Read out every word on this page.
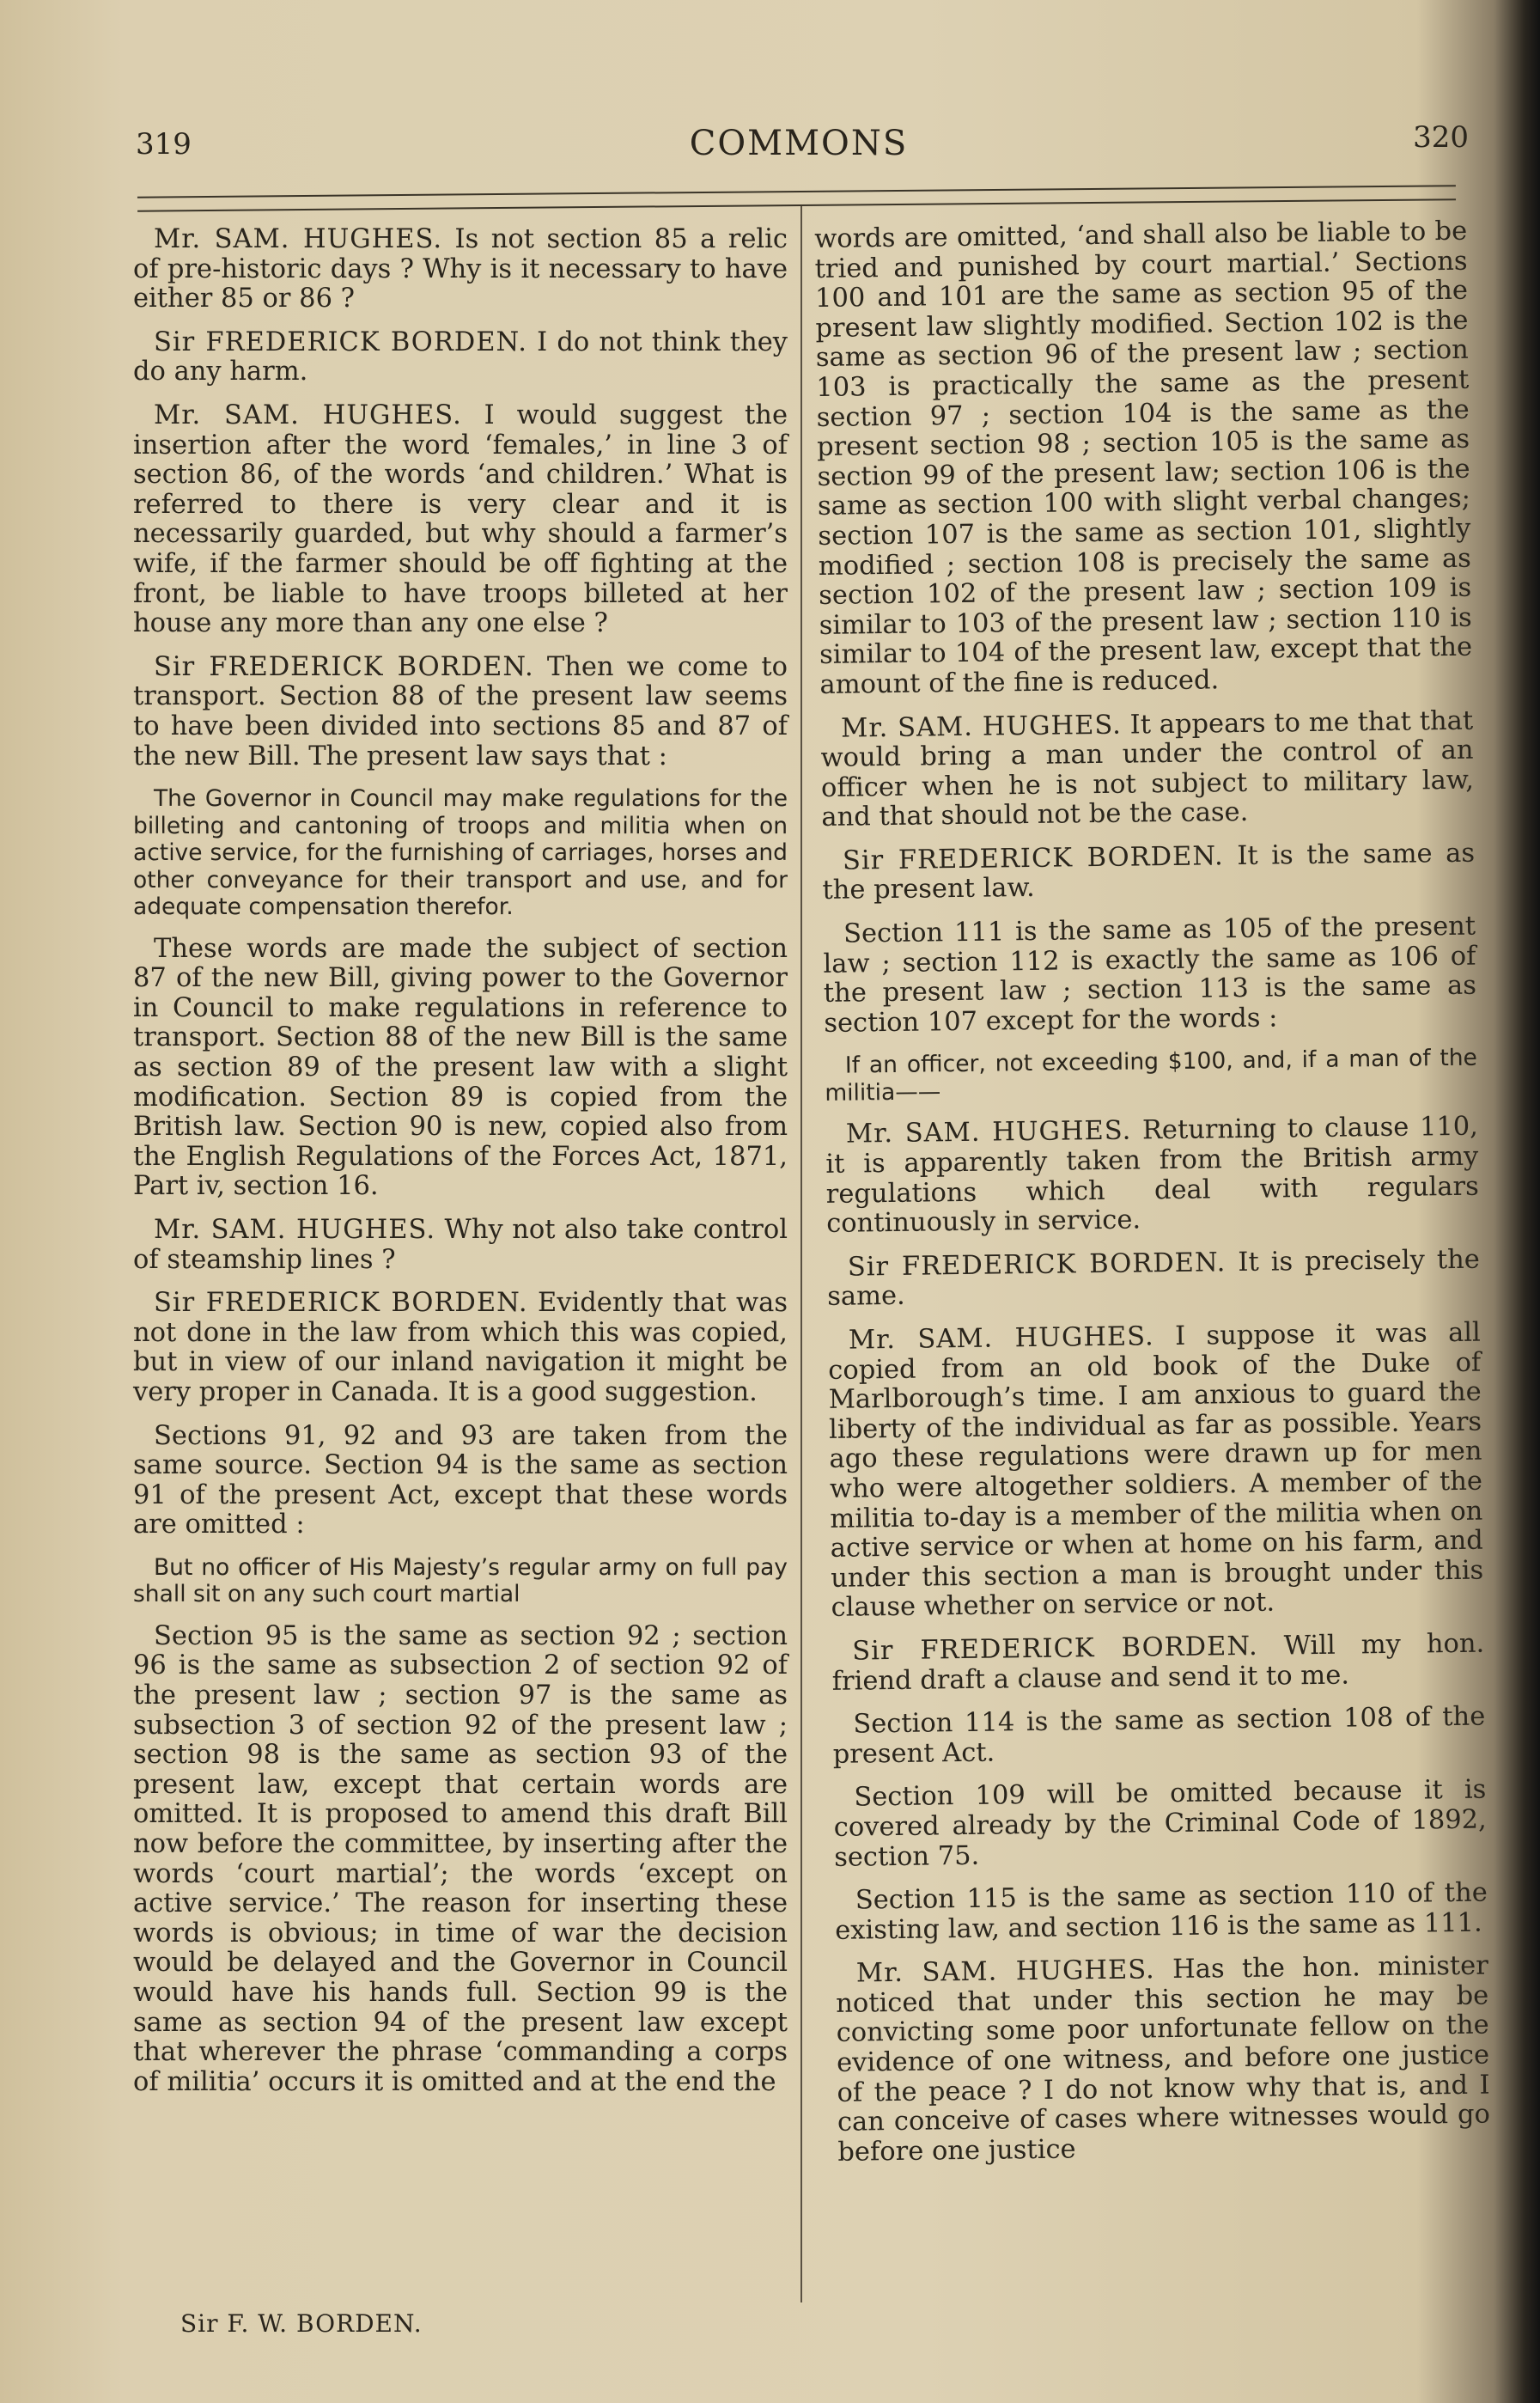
319	COMMONS	320

Mr. SAM. HUGHES. Is not section 85 a relic of pre-historic days ? Why is it necessary to have either 85 or 86 ?

Sir FREDERICK BORDEN. I do not think they do any harm.

Mr. SAM. HUGHES. I would suggest the insertion after the word ‘females,’ in line 3 of section 86, of the words ‘and children.’ What is referred to there is very clear and it is necessarily guarded, but why should a farmer’s wife, if the farmer should be off fighting at the front, be liable to have troops billeted at her house any more than any one else ?

Sir FREDERICK BORDEN. Then we come to transport. Section 88 of the present law seems to have been divided into sections 85 and 87 of the new Bill. The present law says that :

The Governor in Council may make regulations for the billeting and cantoning of troops and militia when on active service, for the furnishing of carriages, horses and other conveyance for their transport and use, and for adequate compensation therefor.

These words are made the subject of section 87 of the new Bill, giving power to the Governor in Council to make regulations in reference to transport. Section 88 of the new Bill is the same as section 89 of the present law with a slight modification. Section 89 is copied from the British law. Section 90 is new, copied also from the English Regulations of the Forces Act, 1871, Part iv, section 16.

Mr. SAM. HUGHES. Why not also take control of steamship lines ?

Sir FREDERICK BORDEN. Evidently that was not done in the law from which this was copied, but in view of our inland navigation it might be very proper in Canada. It is a good suggestion.

Sections 91, 92 and 93 are taken from the same source. Section 94 is the same as section 91 of the present Act, except that these words are omitted :

But no officer of His Majesty’s regular army on full pay shall sit on any such court martial

Section 95 is the same as section 92 ; section 96 is the same as subsection 2 of section 92 of the present law ; section 97 is the same as subsection 3 of section 92 of the present law ; section 98 is the same as section 93 of the present law, except that certain words are omitted. It is proposed to amend this draft Bill now before the committee, by inserting after the words ‘court martial’; the words ‘except on active service.’ The reason for inserting these words is obvious; in time of war the decision would be delayed and the Governor in Council would have his hands full. Section 99 is the same as section 94 of the present law except that wherever the phrase ‘commanding a corps of militia’ occurs it is omitted and at the end the

words are omitted, ‘and shall also be liable to be tried and punished by court martial.’ Sections 100 and 101 are the same as section 95 of the present law slightly modified. Section 102 is the same as section 96 of the present law ; section 103 is practically the same as the present section 97 ; section 104 is the same as the present section 98 ; section 105 is the same as section 99 of the present law; section 106 is the same as section 100 with slight verbal changes; section 107 is the same as section 101, slightly modified ; section 108 is precisely the same as section 102 of the present law ; section 109 is similar to 103 of the present law ; section 110 is similar to 104 of the present law, except that the amount of the fine is reduced.

Mr. SAM. HUGHES. It appears to me that that would bring a man under the control of an officer when he is not subject to military law, and that should not be the case.

Sir FREDERICK BORDEN. It is the same as the present law.

Section 111 is the same as 105 of the present law ; section 112 is exactly the same as 106 of the present law ; section 113 is the same as section 107 except for the words :

If an officer, not exceeding $100, and, if a man of the militia——

Mr. SAM. HUGHES. Returning to clause 110, it is apparently taken from the British army regulations which deal with regulars continuously in service.

Sir FREDERICK BORDEN. It is precisely the same.

Mr. SAM. HUGHES. I suppose it was all copied from an old book of the Duke of Marlborough’s time. I am anxious to guard the liberty of the individual as far as possible. Years ago these regulations were drawn up for men who were altogether soldiers. A member of the militia to-day is a member of the militia when on active service or when at home on his farm, and under this section a man is brought under this clause whether on service or not.

Sir FREDERICK BORDEN. Will my hon. friend draft a clause and send it to me.

Section 114 is the same as section 108 of the present Act.

Section 109 will be omitted because it is covered already by the Criminal Code of 1892, section 75.

Section 115 is the same as section 110 of the existing law, and section 116 is the same as 111.

Mr. SAM. HUGHES. Has the hon. minister noticed that under this section he may be convicting some poor unfortunate fellow on the evidence of one witness, and before one justice of the peace ? I do not know why that is, and I can conceive of cases where witnesses would go before one justice

Sir F. W. BORDEN.
